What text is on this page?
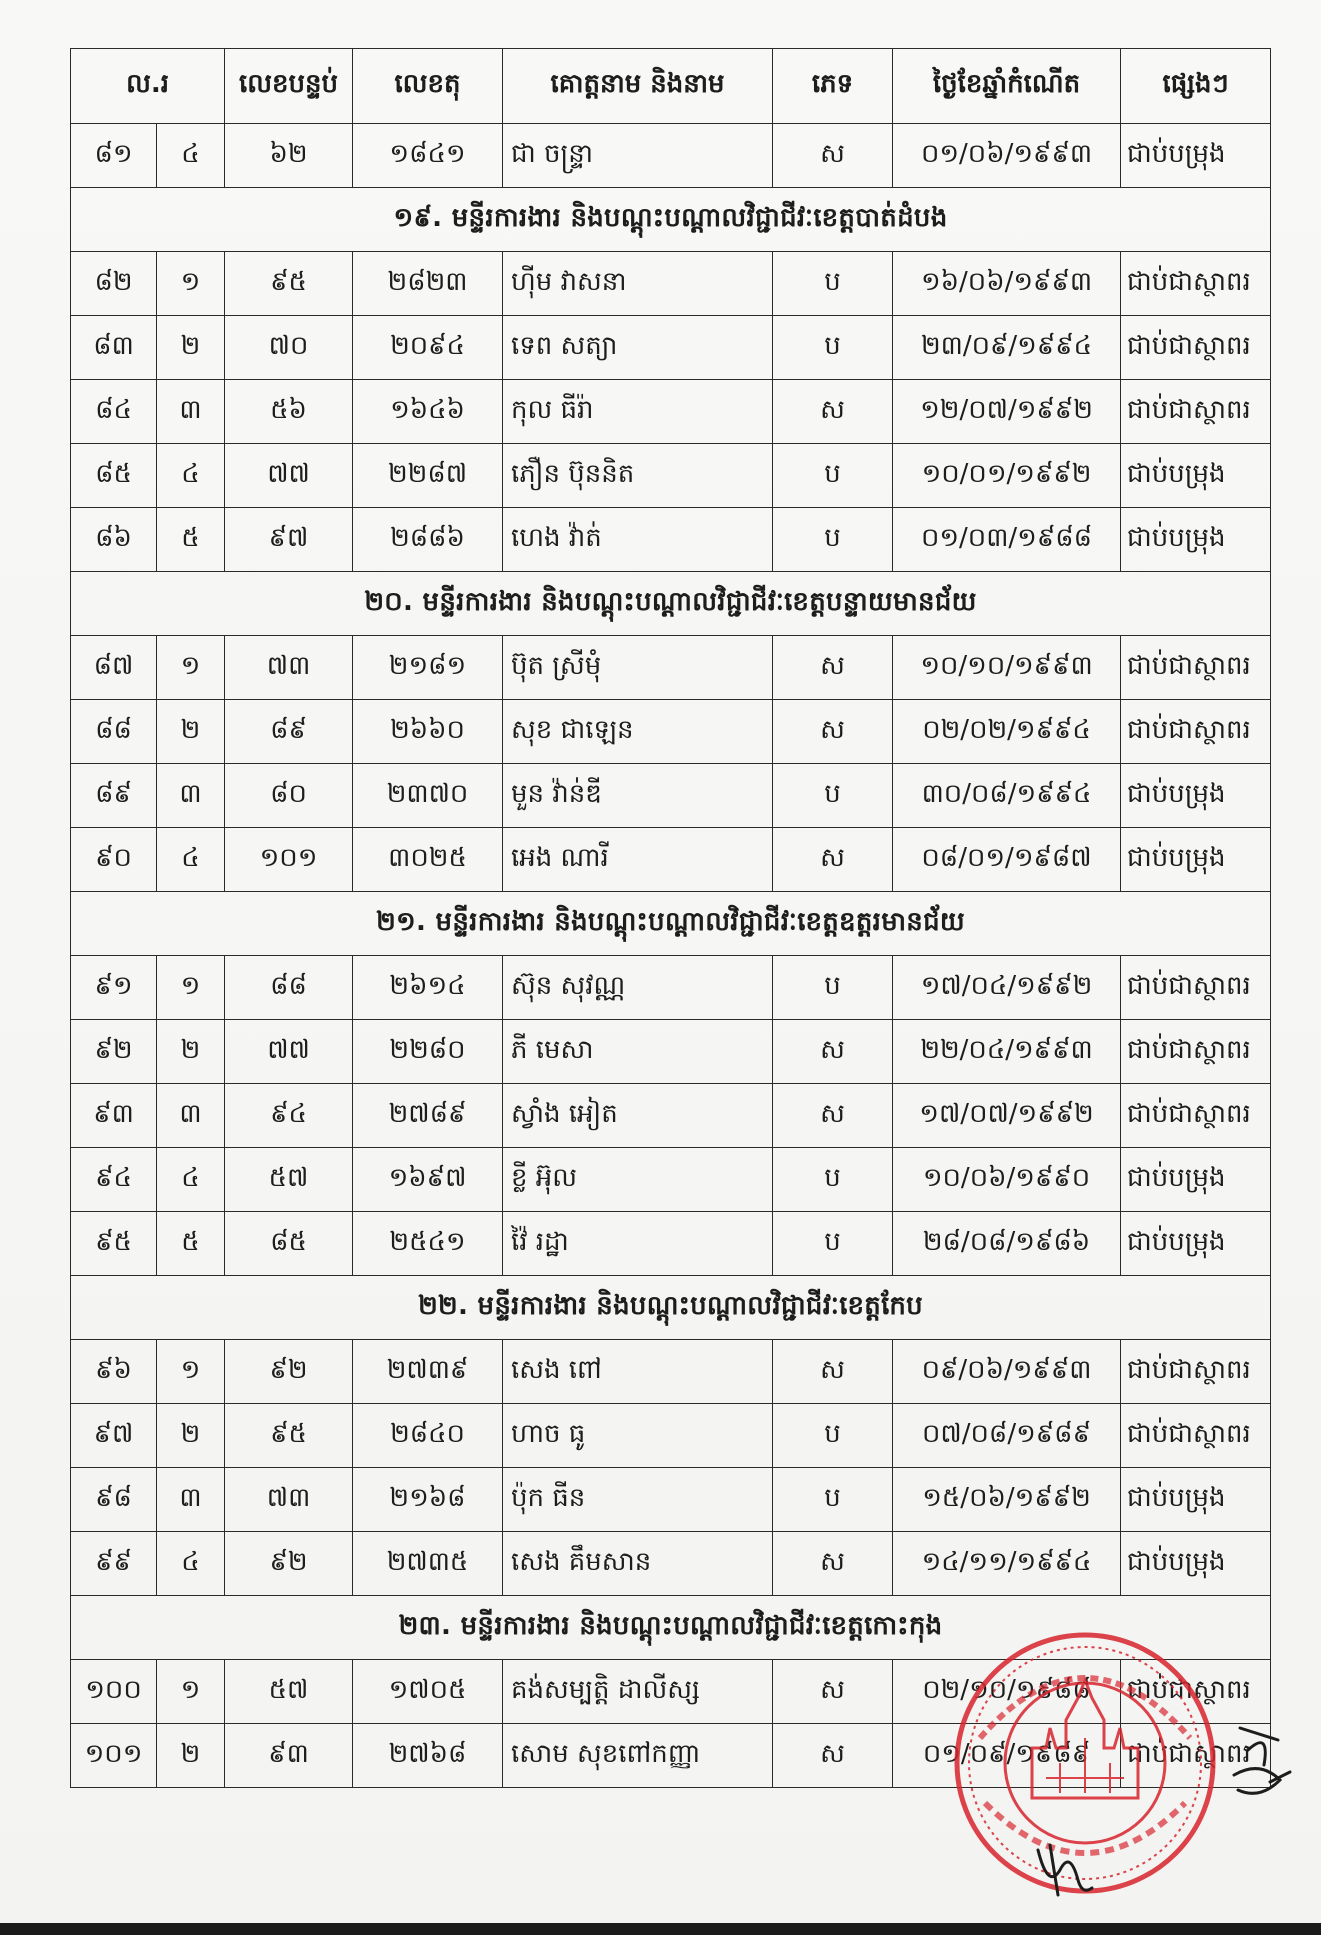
ល.រ		លេខបន្ទប់	លេខតុ	គោត្តនាម និងនាម	ភេទ	ថ្ងៃខែឆ្នាំកំណើត	ផ្សេងៗ
៨១	៤	៦២	១៨៤១	ជា ចន្ទ្រា	ស	០១/០៦/១៩៩៣	ជាប់បម្រុង
១៩. មន្ទីរការងារ និងបណ្តុះបណ្តាលវិជ្ជាជីវៈខេត្តបាត់ដំបង							
៨២	១	៩៥	២៨២៣	ហ៊ីម វាសនា	ប	១៦/០៦/១៩៩៣	ជាប់ជាស្ថាពរ
៨៣	២	៧០	២០៩៤	ទេព សត្យា	ប	២៣/០៩/១៩៩៤	ជាប់ជាស្ថាពរ
៨៤	៣	៥៦	១៦៤៦	កុល ធីរ៉ា	ស	១២/០៧/១៩៩២	ជាប់ជាស្ថាពរ
៨៥	៤	៧៧	២២៨៧	ភឿន ប៊ុននិត	ប	១០/០១/១៩៩២	ជាប់បម្រុង
៨៦	៥	៩៧	២៨៨៦	ហេង វ៉ាត់	ប	០១/០៣/១៩៨៨	ជាប់បម្រុង
២០. មន្ទីរការងារ និងបណ្តុះបណ្តាលវិជ្ជាជីវៈខេត្តបន្ទាយមានជ័យ							
៨៧	១	៧៣	២១៨១	ប៊ុត ស្រីមុំ	ស	១០/១០/១៩៩៣	ជាប់ជាស្ថាពរ
៨៨	២	៨៩	២៦៦០	សុខ ជាឡេន	ស	០២/០២/១៩៩៤	ជាប់ជាស្ថាពរ
៨៩	៣	៨០	២៣៧០	មួន វ៉ាន់ឌី	ប	៣០/០៨/១៩៩៤	ជាប់បម្រុង
៩០	៤	១០១	៣០២៥	អេង ណារី	ស	០៨/០១/១៩៨៧	ជាប់បម្រុង
២១. មន្ទីរការងារ និងបណ្តុះបណ្តាលវិជ្ជាជីវៈខេត្តឧត្តរមានជ័យ							
៩១	១	៨៨	២៦១៤	ស៊ុន សុវណ្ណ	ប	១៧/០៤/១៩៩២	ជាប់ជាស្ថាពរ
៩២	២	៧៧	២២៨០	ភី មេសា	ស	២២/០៤/១៩៩៣	ជាប់ជាស្ថាពរ
៩៣	៣	៩៤	២៧៨៩	ស្វាំង អៀត	ស	១៧/០៧/១៩៩២	ជាប់ជាស្ថាពរ
៩៤	៤	៥៧	១៦៩៧	ខ្លី អ៊ុល	ប	១០/០៦/១៩៩០	ជាប់បម្រុង
៩៥	៥	៨៥	២៥៤១	វ៉ៃ រដ្ឋា	ប	២៨/០៨/១៩៨៦	ជាប់បម្រុង
២២. មន្ទីរការងារ និងបណ្តុះបណ្តាលវិជ្ជាជីវៈខេត្តកែប							
៩៦	១	៩២	២៧៣៩	សេង ពៅ	ស	០៩/០៦/១៩៩៣	ជាប់ជាស្ថាពរ
៩៧	២	៩៥	២៨៤០	ហាច ធូ	ប	០៧/០៨/១៩៨៩	ជាប់ជាស្ថាពរ
៩៨	៣	៧៣	២១៦៨	ប៉ុក ធីន	ប	១៥/០៦/១៩៩២	ជាប់បម្រុង
៩៩	៤	៩២	២៧៣៥	សេង គឹមសាន	ស	១៤/១១/១៩៩៤	ជាប់បម្រុង
២៣. មន្ទីរការងារ និងបណ្តុះបណ្តាលវិជ្ជាជីវៈខេត្តកោះកុង							
១០០	១	៥៧	១៧០៥	គង់សម្បត្តិ ដាលីស្ស	ស	០២/១០/១៩៨៨	ជាប់ជាស្ថាពរ
១០១	២	៩៣	២៧៦៨	សោម សុខពៅកញ្ញា	ស	០១/០៩/១៩៨៩	ជាប់ជាស្ថាពរ
